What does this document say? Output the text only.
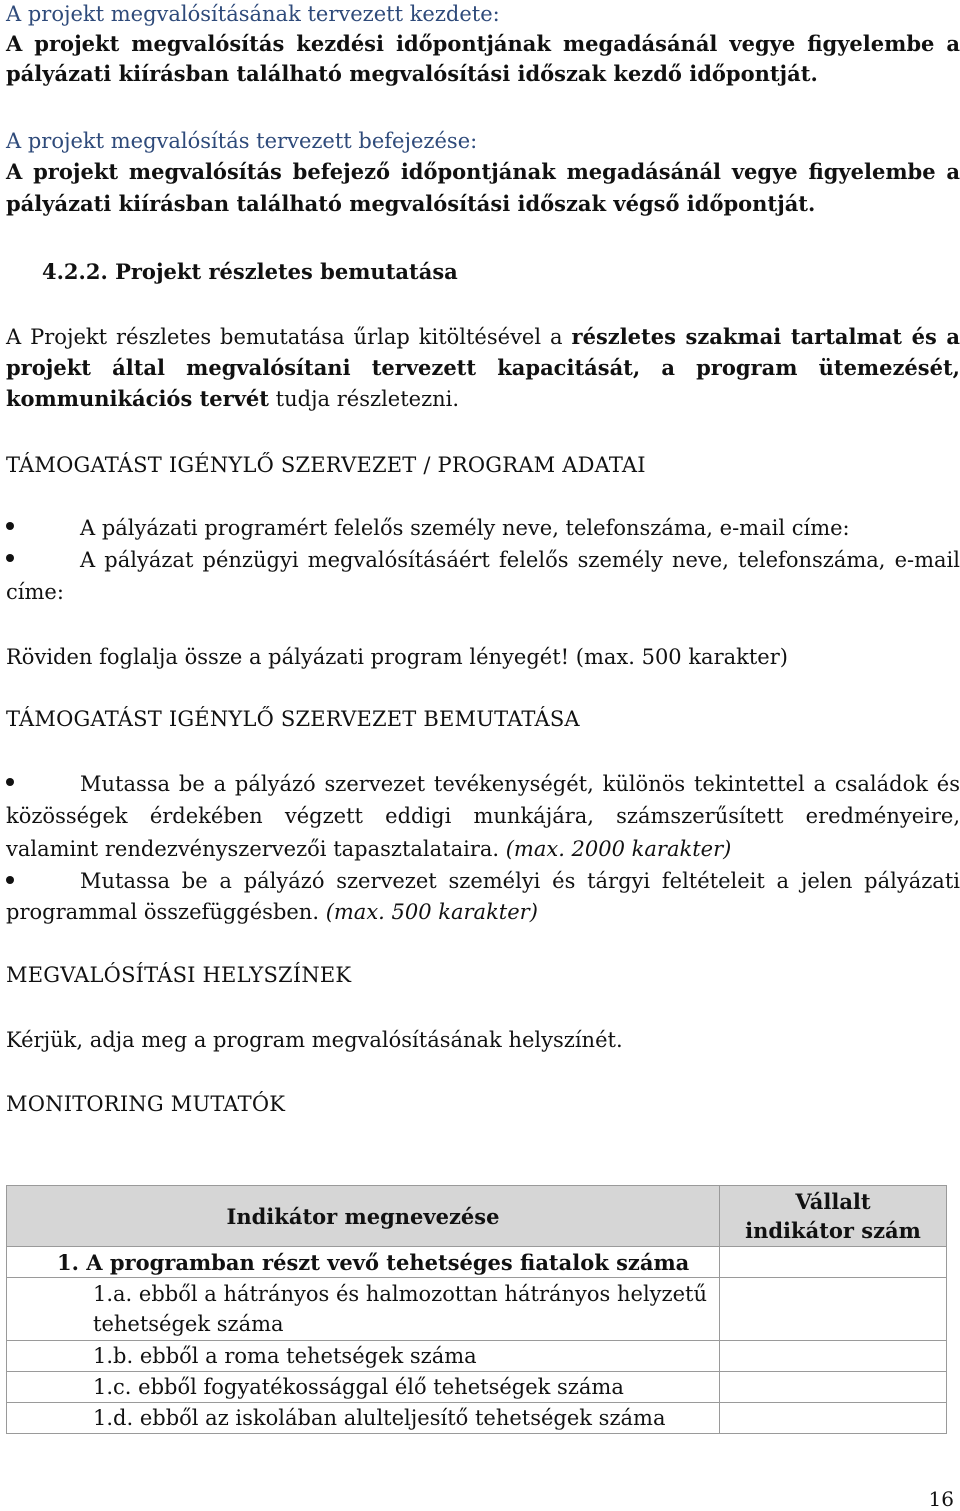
A projekt megvalósításának tervezett kezdete:
A projekt megvalósítás kezdési időpontjának megadásánál vegye figyelembe a
pályázati kiírásban található megvalósítási időszak kezdő időpontját.
A projekt megvalósítás tervezett befejezése:
A projekt megvalósítás befejező időpontjának megadásánál vegye figyelembe a
pályázati kiírásban található megvalósítási időszak végső időpontját.
4.2.2. Projekt részletes bemutatása
A Projekt részletes bemutatása űrlap kitöltésével a részletes szakmai tartalmat és a
projekt által megvalósítani tervezett kapacitását, a program ütemezését,
kommunikációs tervét tudja részletezni.
TÁMOGATÁST IGÉNYLŐ SZERVEZET / PROGRAM ADATAI
A pályázati programért felelős személy neve, telefonszáma, e-mail címe:
A pályázat pénzügyi megvalósításáért felelős személy neve, telefonszáma, e-mail
címe:
Röviden foglalja össze a pályázati program lényegét! (max. 500 karakter)
TÁMOGATÁST IGÉNYLŐ SZERVEZET BEMUTATÁSA
Mutassa be a pályázó szervezet tevékenységét, különös tekintettel a családok és
közösségek érdekében végzett eddigi munkájára, számszerűsített eredményeire,
valamint rendezvényszervezői tapasztalataira. (max. 2000 karakter)
Mutassa be a pályázó szervezet személyi és tárgyi feltételeit a jelen pályázati
programmal összefüggésben. (max. 500 karakter)
MEGVALÓSÍTÁSI HELYSZÍNEK
Kérjük, adja meg a program megvalósításának helyszínét.
MONITORING MUTATÓK
Indikátor megnevezése	Vállalt
indikátor szám
1. A programban részt vevő tehetséges fiatalok száma	
1.a. ebből a hátrányos és halmozottan hátrányos helyzetű
tehetségek száma	
1.b. ebből a roma tehetségek száma	
1.c. ebből fogyatékossággal élő tehetségek száma	
1.d. ebből az iskolában alulteljesítő tehetségek száma	
16
